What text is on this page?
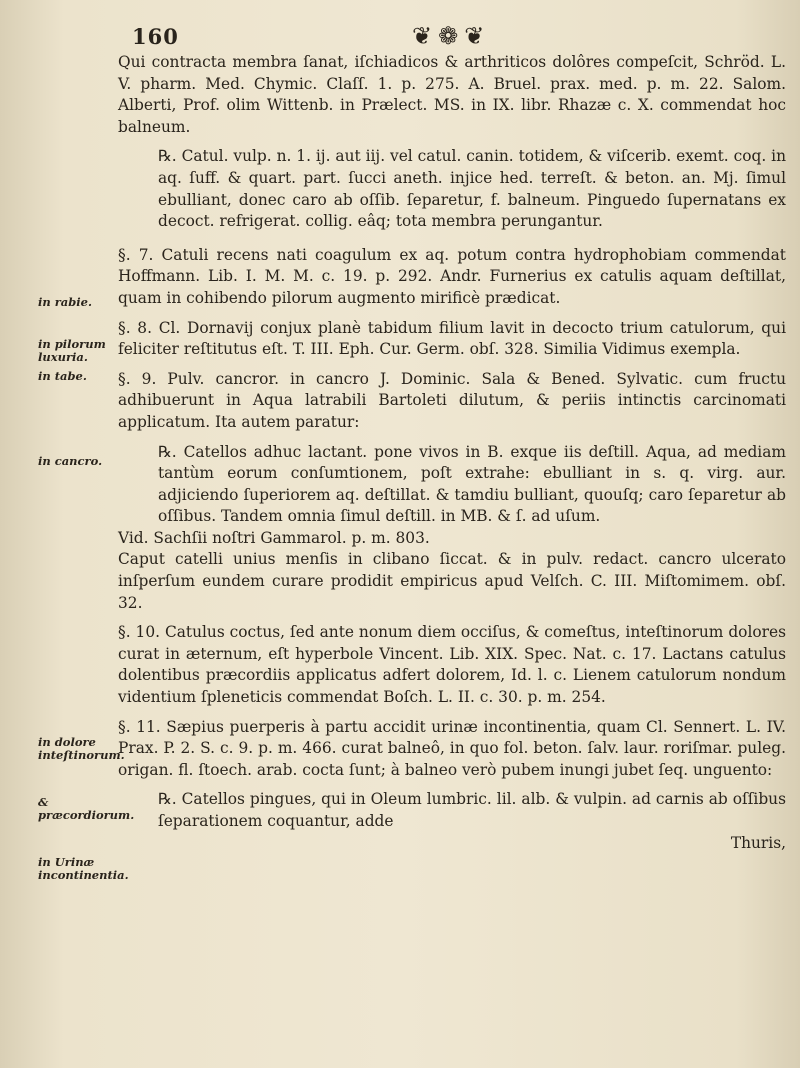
160	❦❁❦
in rabie.
in pilorum luxuria.
in tabe.
in cancro.
in dolore inteſtinorum.
& præcordiorum.
in Urinæ incontinentia.

Qui contracta membra ſanat, iſchiadicos & arthriticos dolôres compeſcit, Schröd. L. V. pharm. Med. Chymic. Claſſ. 1. p. 275. A. Bruel. prax. med. p. m. 22. Salom. Alberti, Prof. olim Wittenb. in Prælect. MS. in IX. libr. Rhazæ c. X. commendat hoc balneum.

℞. Catul. vulp. n. 1. ij. aut iij. vel catul. canin. totidem, & viſcerib. exemt. coq. in aq. ſuff. & quart. part. ſucci aneth. injice hed. terreſt. & beton. an. Mj. ſimul ebulliant, donec caro ab oſſib. ſeparetur, f. balneum. Pinguedo ſupernatans ex decoct. refrigerat. collig. eâq; tota membra perungantur.

§. 7. Catuli recens nati coagulum ex aq. potum contra hydrophobiam commendat Hoffmann. Lib. I. M. M. c. 19. p. 292. Andr. Furnerius ex catulis aquam deſtillat, quam in cohibendo pilorum augmento mirificè prædicat.

§. 8. Cl. Dornavij conjux planè tabidum filium lavit in decocto trium catulorum, qui feliciter reſtitutus eſt. T. III. Eph. Cur. Germ. obſ. 328. Similia Vidimus exempla.

§. 9. Pulv. cancror. in cancro J. Dominic. Sala & Bened. Sylvatic. cum fructu adhibuerunt in Aqua latrabili Bartoleti dilutum, & periis intinctis carcinomati applicatum. Ita autem paratur:

℞. Catellos adhuc lactant. pone vivos in B. exque iis deſtill. Aqua, ad mediam tantùm eorum conſumtionem, poſt extrahe: ebulliant in s. q. virg. aur. adjiciendo ſuperiorem aq. deſtillat. & tamdiu bulliant, quouſq; caro ſeparetur ab oſſibus. Tandem omnia ſimul deſtill. in MB. & ſ. ad uſum.

Vid. Sachſii noſtri Gammarol. p. m. 803.

Caput catelli unius menſis in clibano ſiccat. & in pulv. redact. cancro ulcerato inſperſum eundem curare prodidit empiricus apud Velſch. C. III. Miſtomimem. obſ. 32.

§. 10. Catulus coctus, ſed ante nonum diem occiſus, & comeſtus, inteſtinorum dolores curat in æternum, eſt hyperbole Vincent. Lib. XIX. Spec. Nat. c. 17. Lactans catulus dolentibus præcordiis applicatus adfert dolorem, Id. l. c. Lienem catulorum nondum videntium ſpleneticis commendat Boſch. L. II. c. 30. p. m. 254.

§. 11. Sæpius puerperis à partu accidit urinæ incontinentia, quam Cl. Sennert. L. IV. Prax. P. 2. S. c. 9. p. m. 466. curat balneô, in quo fol. beton. ſalv. laur. roriſmar. puleg. origan. fl. ſtoech. arab. cocta ſunt; à balneo verò pubem inungi jubet ſeq. unguento:

℞. Catellos pingues, qui in Oleum lumbric. lil. alb. & vulpin. ad carnis ab oſſibus ſeparationem coquantur, adde

Thuris,
